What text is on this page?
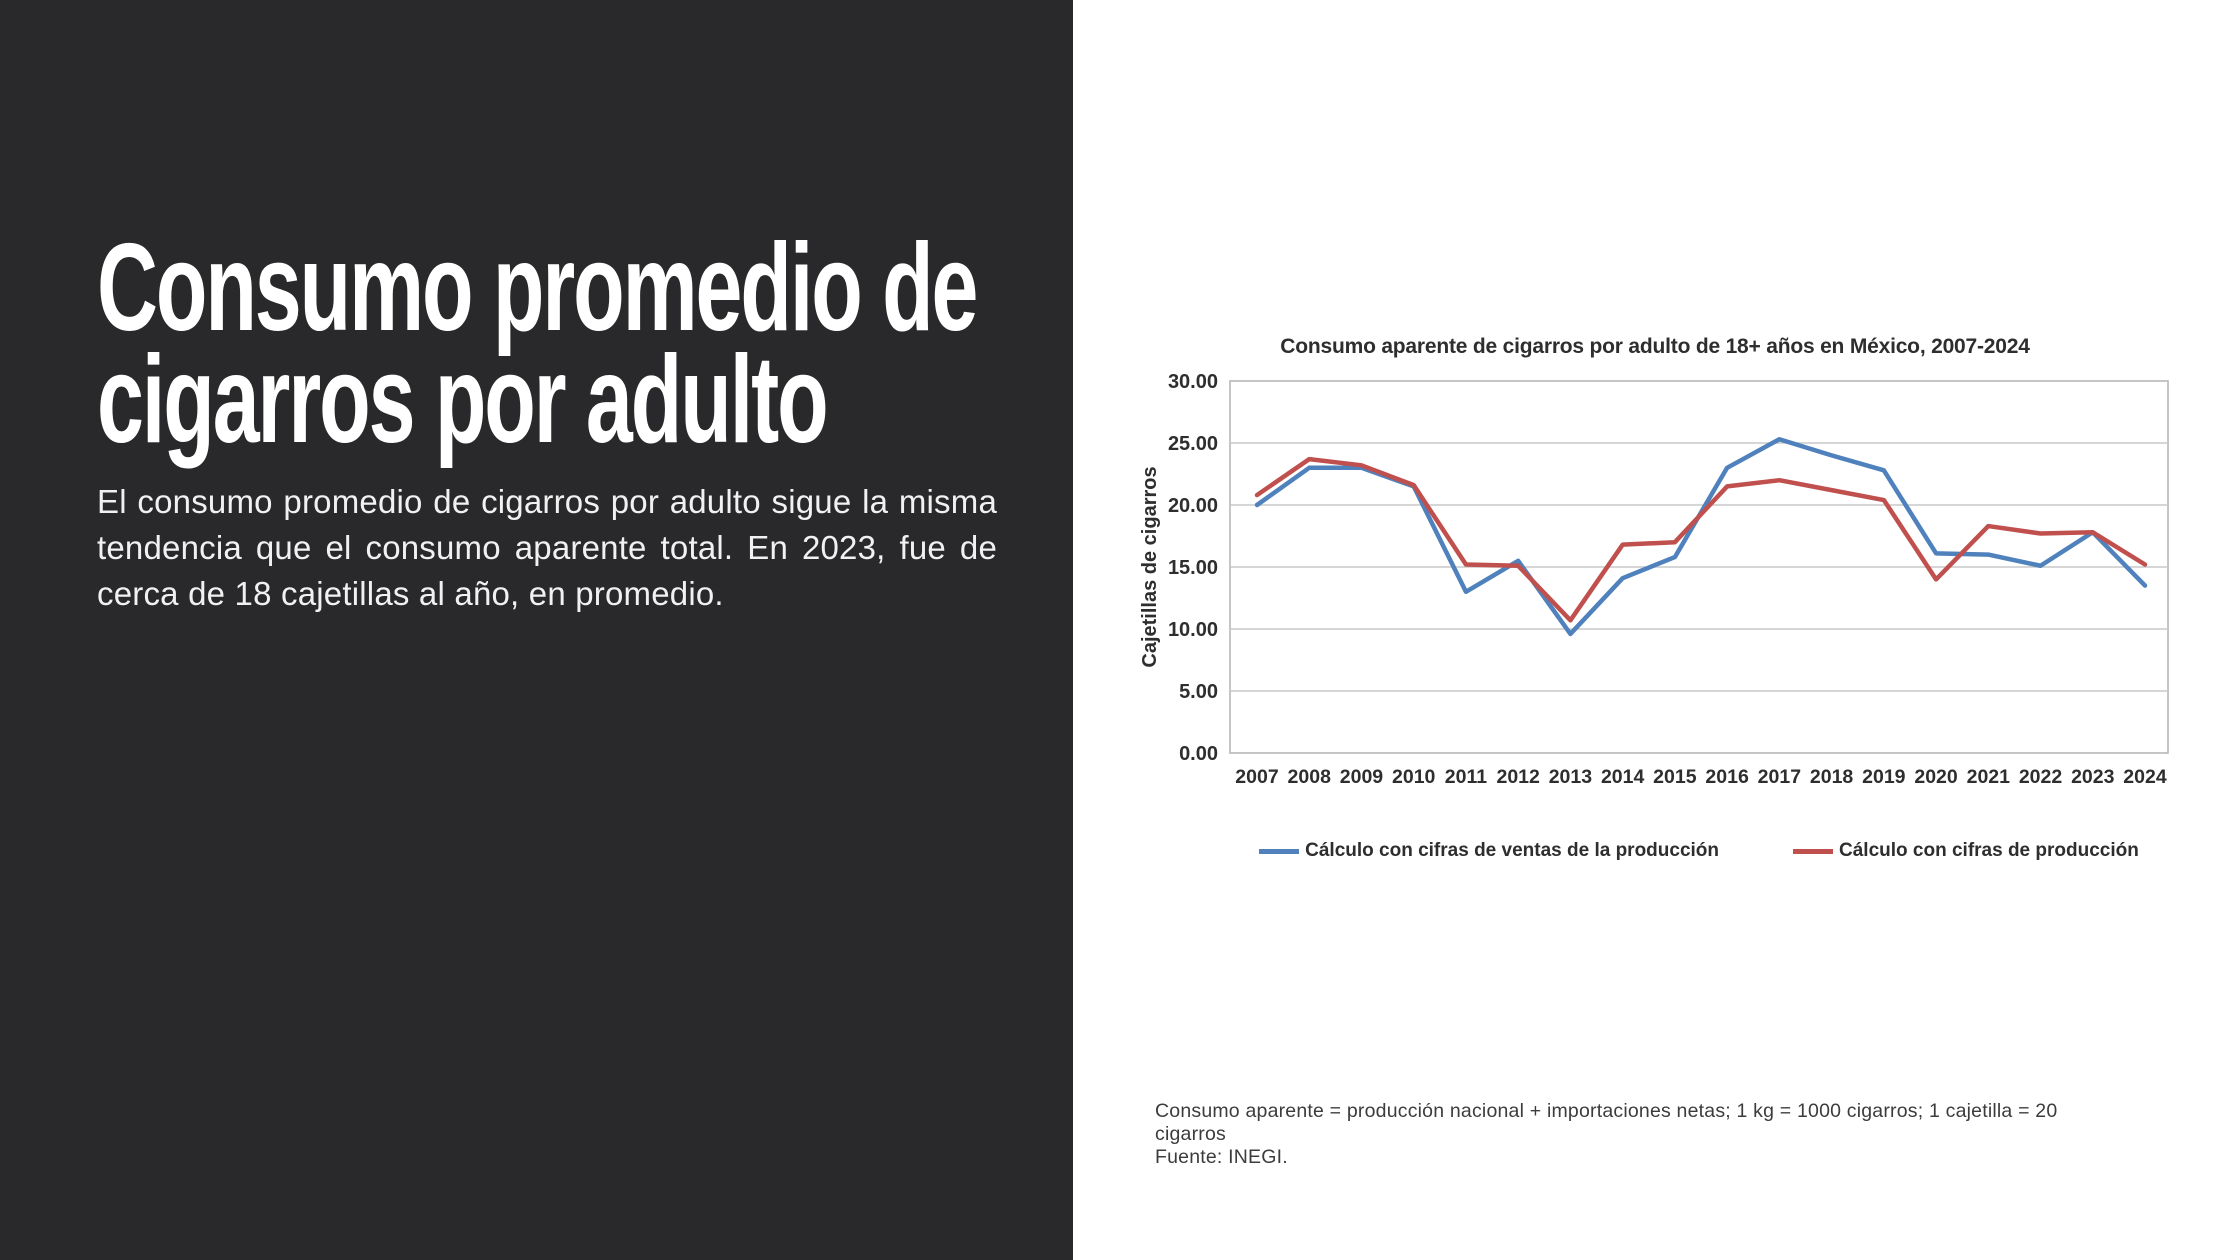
Consumo promedio de
cigarros por adulto

El consumo promedio de cigarros por adulto sigue la misma tendencia que el consumo aparente total. En 2023, fue de cerca de 18 cajetillas al año, en promedio.

Consumo aparente de cigarros por adulto de 18+ años en México, 2007-2024
2024
2023
2022
2021
2020
2019
2018
2017
2016
2015
2014
2013
2012
2011
2010
2009
2008
2007
30.00
25.00
20.00
15.00
10.00
5.00
0.00
Cajetillas de cigarros
Cálculo con cifras de ventas de la producción	Cálculo con cifras de producción
Consumo aparente = producción nacional + importaciones netas; 1 kg = 1000 cigarros; 1 cajetilla = 20 cigarros
Fuente: INEGI.
